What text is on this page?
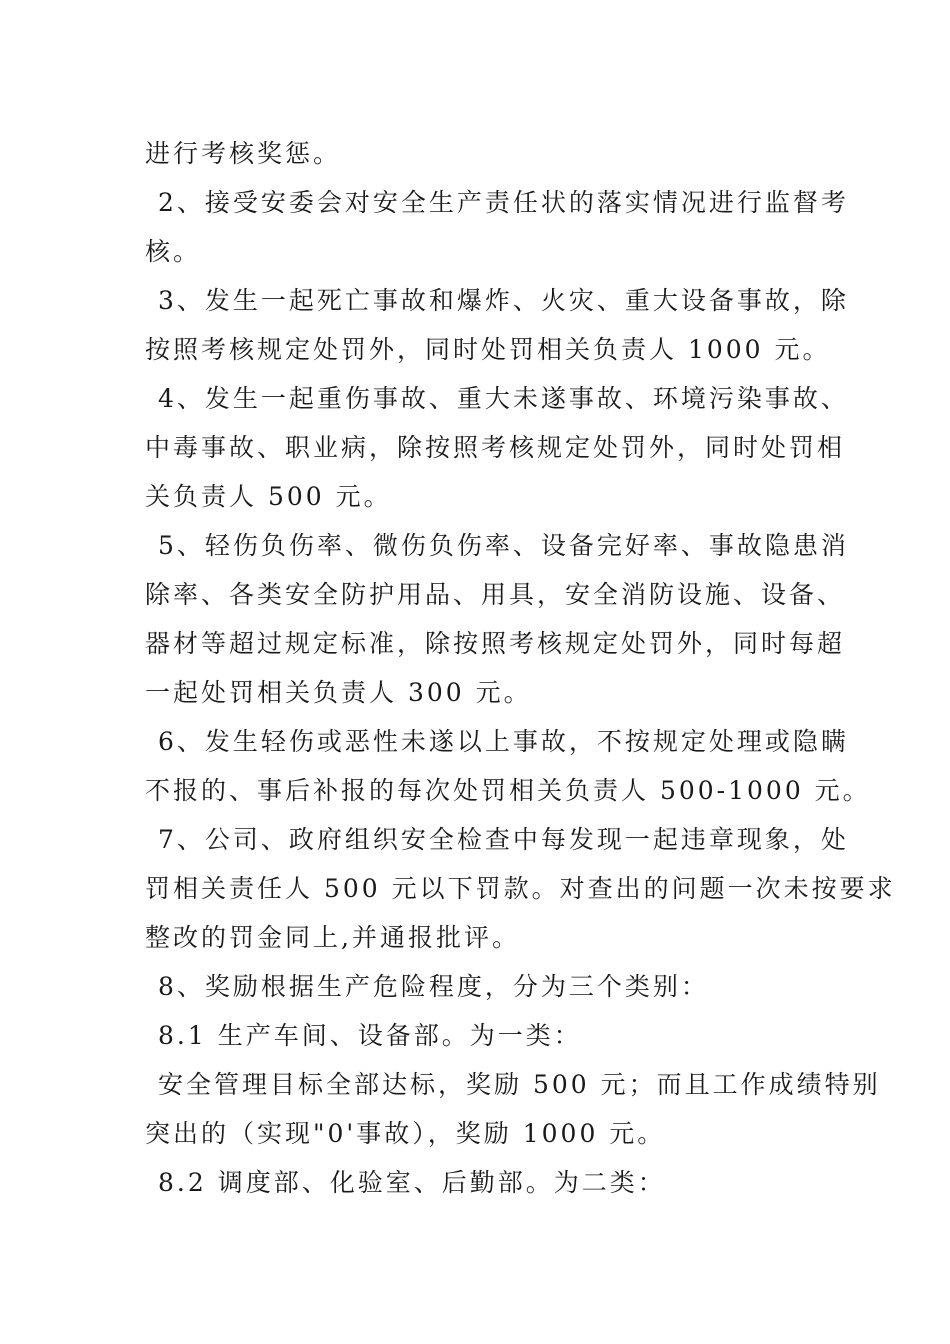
进行考核奖惩。
2、接受安委会对安全生产责任状的落实情况进行监督考
核。
3、发生一起死亡事故和爆炸、火灾、重大设备事故，除
按照考核规定处罚外，同时处罚相关负责人 1000 元。
4、发生一起重伤事故、重大未遂事故、环境污染事故、
中毒事故、职业病，除按照考核规定处罚外，同时处罚相
关负责人 500 元。
5、轻伤负伤率、微伤负伤率、设备完好率、事故隐患消
除率、各类安全防护用品、用具，安全消防设施、设备、
器材等超过规定标准，除按照考核规定处罚外，同时每超
一起处罚相关负责人 300 元。
6、发生轻伤或恶性未遂以上事故，不按规定处理或隐瞒
不报的、事后补报的每次处罚相关负责人 500-1000 元。
7、公司、政府组织安全检查中每发现一起违章现象，处
罚相关责任人 500 元以下罚款。对查出的问题一次未按要求
整改的罚金同上,并通报批评。
8、奖励根据生产危险程度，分为三个类别：
8.1 生产车间、设备部。为一类：
安全管理目标全部达标，奖励 500 元；而且工作成绩特别
突出的（实现"0'事故），奖励 1000 元。
8.2 调度部、化验室、后勤部。为二类：
